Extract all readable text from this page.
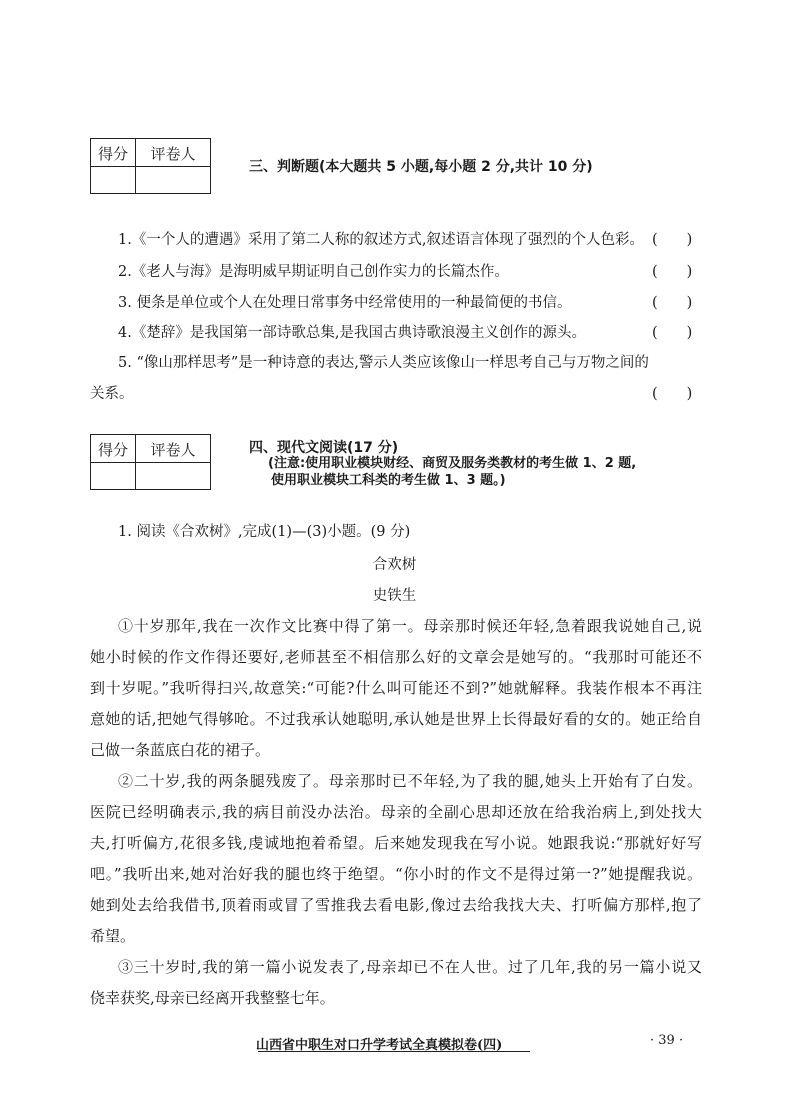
得分	评卷人
三、判断题(本大题共 5 小题,每小题 2 分,共计 10 分)
1.《一个人的遭遇》采用了第二人称的叙述方式,叙述语言体现了强烈的个人色彩。 (　　)
2.《老人与海》是海明威早期证明自己创作实力的长篇杰作。	(　　)
3. 便条是单位或个人在处理日常事务中经常使用的一种最简便的书信。	(　　)
4.《楚辞》是我国第一部诗歌总集,是我国古典诗歌浪漫主义创作的源头。	(　　)
5. “像山那样思考”是一种诗意的表达,警示人类应该像山一样思考自己与万物之间的
关系。	(　　)
得分	评卷人	四、现代文阅读(17 分)
(注意:使用职业模块财经、商贸及服务类教材的考生做 1、2 题,
使用职业模块工科类的考生做 1、3 题。)
1. 阅读《合欢树》,完成(1)—(3)小题。(9 分)
合欢树
史铁生
①十岁那年,我在一次作文比赛中得了第一。母亲那时候还年轻,急着跟我说她自己,说
她小时候的作文作得还要好,老师甚至不相信那么好的文章会是她写的。“我那时可能还不
到十岁呢。”我听得扫兴,故意笑:“可能?什么叫可能还不到?”她就解释。我装作根本不再注
意她的话,把她气得够呛。不过我承认她聪明,承认她是世界上长得最好看的女的。她正给自
己做一条蓝底白花的裙子。
②二十岁,我的两条腿残废了。母亲那时已不年轻,为了我的腿,她头上开始有了白发。
医院已经明确表示,我的病目前没办法治。母亲的全副心思却还放在给我治病上,到处找大
夫,打听偏方,花很多钱,虔诚地抱着希望。后来她发现我在写小说。她跟我说:“那就好好写
吧。”我听出来,她对治好我的腿也终于绝望。“你小时的作文不是得过第一?”她提醒我说。
她到处去给我借书,顶着雨或冒了雪推我去看电影,像过去给我找大夫、打听偏方那样,抱了
希望。
③三十岁时,我的第一篇小说发表了,母亲却已不在人世。过了几年,我的另一篇小说又
侥幸获奖,母亲已经离开我整整七年。
山西省中职生对口升学考试全真模拟卷(四)	· 39 ·
